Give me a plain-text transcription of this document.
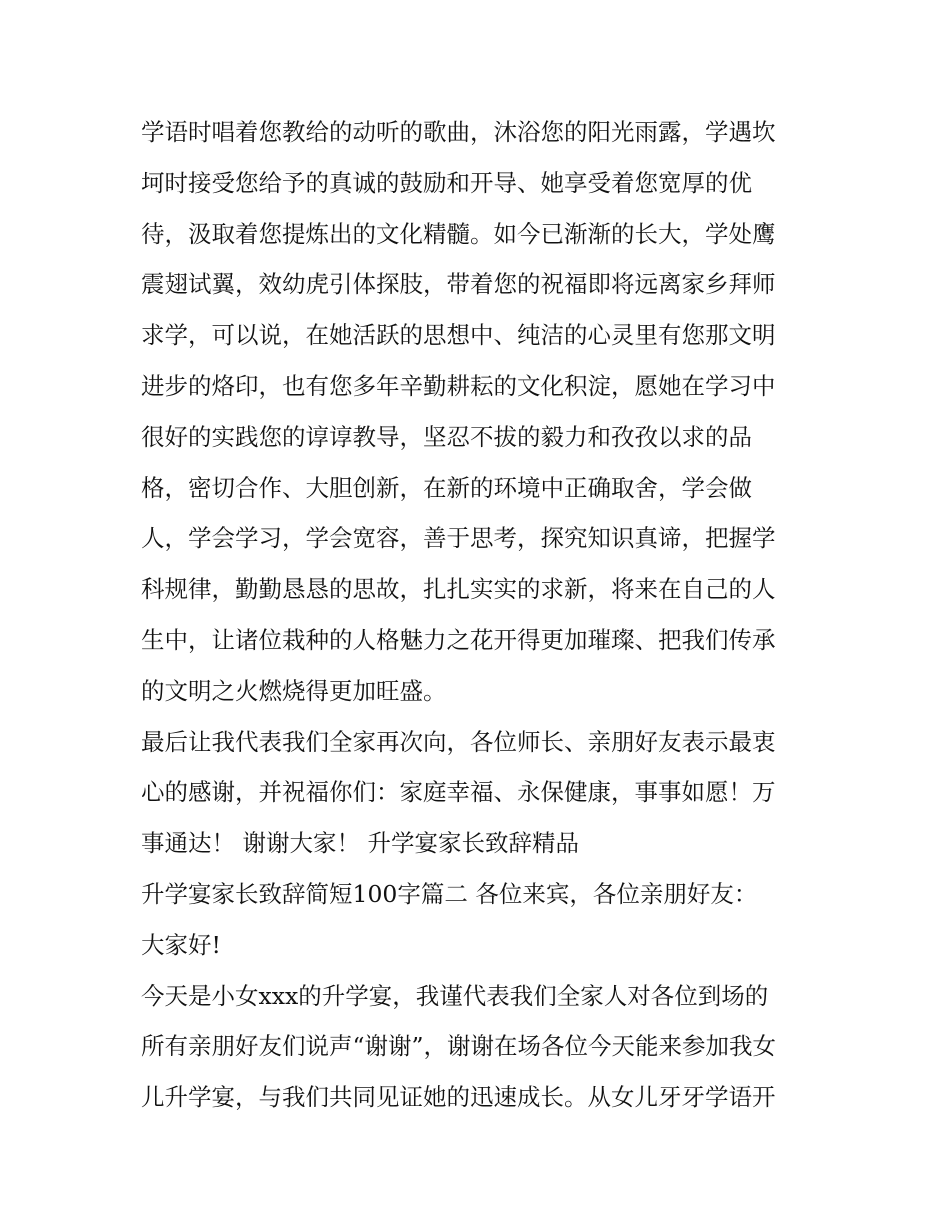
学语时唱着您教给的动听的歌曲，沐浴您的阳光雨露，学遇坎
坷时接受您给予的真诚的鼓励和开导、她享受着您宽厚的优
待，汲取着您提炼出的文化精髓。如今已渐渐的长大，学处鹰
震翅试翼，效幼虎引体探肢，带着您的祝福即将远离家乡拜师
求学，可以说，在她活跃的思想中、纯洁的心灵里有您那文明
进步的烙印，也有您多年辛勤耕耘的文化积淀，愿她在学习中
很好的实践您的谆谆教导，坚忍不拔的毅力和孜孜以求的品
格，密切合作、大胆创新，在新的环境中正确取舍，学会做
人，学会学习，学会宽容，善于思考，探究知识真谛，把握学
科规律，勤勤恳恳的思故，扎扎实实的求新，将来在自己的人
生中，让诸位栽种的人格魅力之花开得更加璀璨、把我们传承
的文明之火燃烧得更加旺盛。
最后让我代表我们全家再次向，各位师长、亲朋好友表示最衷
心的感谢，并祝福你们：家庭幸福、永保健康，事事如愿！万
事通达！ 谢谢大家！ 升学宴家长致辞精品
升学宴家长致辞简短100字篇二 各位来宾，各位亲朋好友：
大家好!
今天是小女xxx的升学宴，我谨代表我们全家人对各位到场的
所有亲朋好友们说声“谢谢”，谢谢在场各位今天能来参加我女
儿升学宴，与我们共同见证她的迅速成长。从女儿牙牙学语开
